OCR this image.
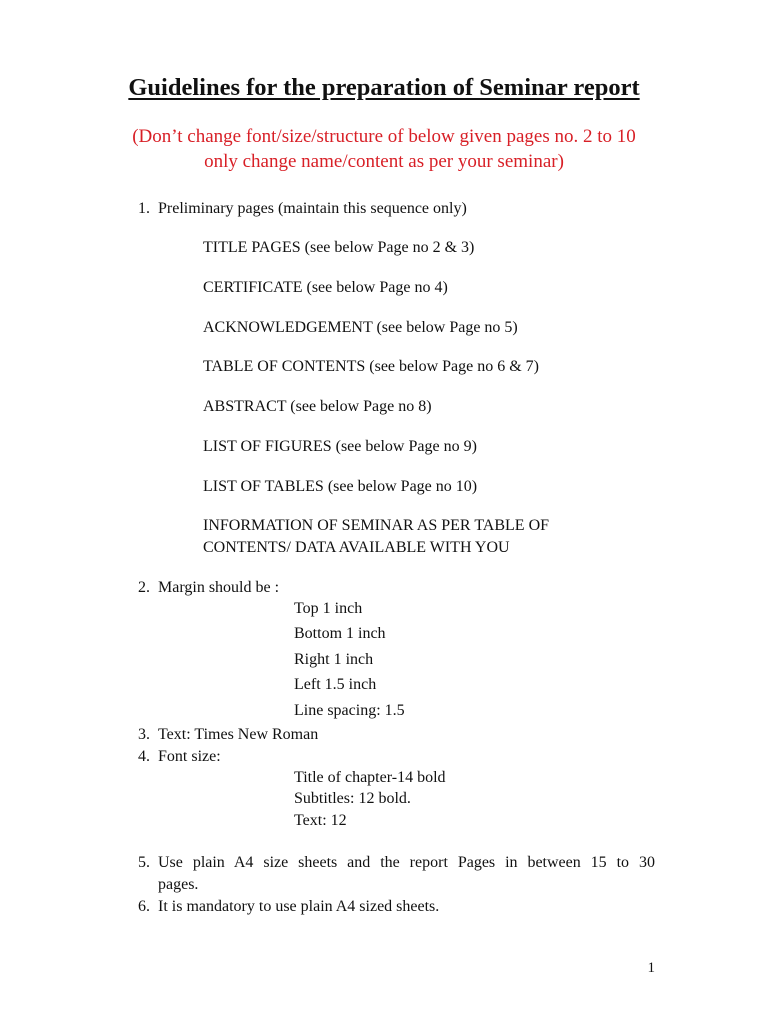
Guidelines for the preparation of Seminar report
(Don’t change font/size/structure of below given pages no. 2 to 10
only change name/content as per your seminar)
1. Preliminary pages (maintain this sequence only)
TITLE PAGES (see below Page no 2 & 3)
CERTIFICATE (see below Page no 4)
ACKNOWLEDGEMENT (see below Page no 5)
TABLE OF CONTENTS (see below Page no 6 & 7)
ABSTRACT (see below Page no 8)
LIST OF FIGURES (see below Page no 9)
LIST OF TABLES (see below Page no 10)
INFORMATION OF SEMINAR AS PER TABLE OF
CONTENTS/ DATA AVAILABLE WITH YOU
2. Margin should be :
Top 1 inch
Bottom 1 inch
Right 1 inch
Left 1.5 inch
Line spacing: 1.5
3. Text: Times New Roman
4. Font size:
Title of chapter-14 bold
Subtitles: 12 bold.
Text: 12
5. Use plain A4 size sheets and the report Pages in between 15 to 30
pages.
6. It is mandatory to use plain A4 sized sheets.
1
